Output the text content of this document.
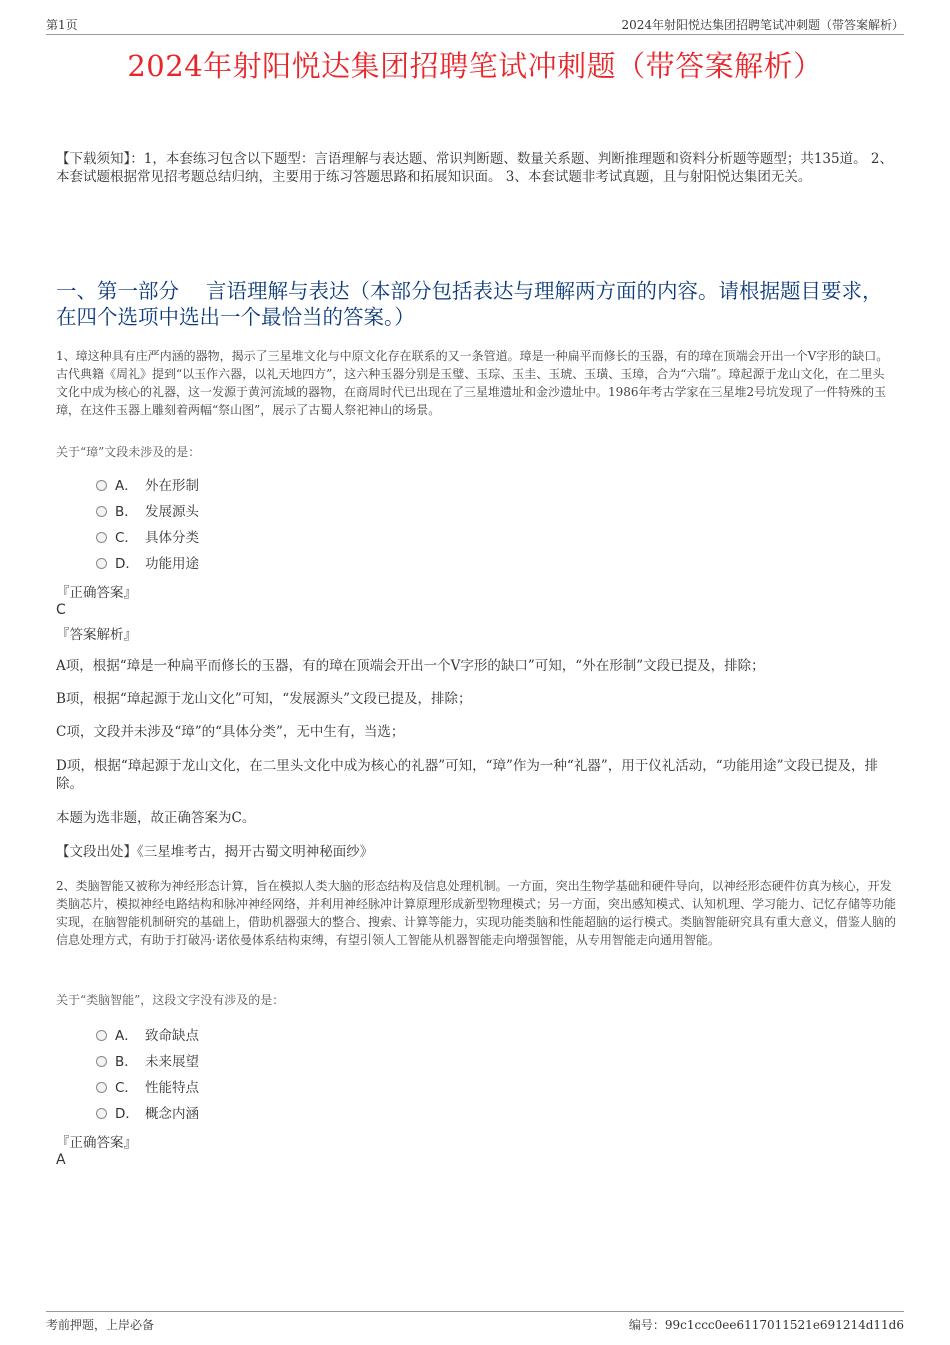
第1页	2024年射阳悦达集团招聘笔试冲刺题（带答案解析）
2024年射阳悦达集团招聘笔试冲刺题（带答案解析）
【下载须知】：1，本套练习包含以下题型：言语理解与表达题、常识判断题、数量关系题、判断推理题和资料分析题等题型；共135道。 2、本套试题根据常见招考题总结归纳，主要用于练习答题思路和拓展知识面。 3、本套试题非考试真题，且与射阳悦达集团无关。
一、第一部分　 言语理解与表达（本部分包括表达与理解两方面的内容。请根据题目要求，在四个选项中选出一个最恰当的答案。）
1、璋这种具有庄严内涵的器物，揭示了三星堆文化与中原文化存在联系的又一条管道。璋是一种扁平而修长的玉器，有的璋在顶端会开出一个V字形的缺口。古代典籍《周礼》提到“以玉作六器，以礼天地四方”，这六种玉器分别是玉璧、玉琮、玉圭、玉琥、玉璜、玉璋，合为“六瑞”。璋起源于龙山文化，在二里头文化中成为核心的礼器，这一发源于黄河流域的器物，在商周时代已出现在了三星堆遗址和金沙遗址中。1986年考古学家在三星堆2号坑发现了一件特殊的玉璋，在这件玉器上雕刻着两幅“祭山图”，展示了古蜀人祭祀神山的场景。
关于“璋”文段未涉及的是：
A． 外在形制
B． 发展源头
C． 具体分类
D． 功能用途
『正确答案』
C
『答案解析』
A项，根据“璋是一种扁平而修长的玉器，有的璋在顶端会开出一个V字形的缺口”可知，“外在形制”文段已提及，排除；
B项，根据“璋起源于龙山文化”可知，“发展源头”文段已提及，排除；
C项，文段并未涉及“璋”的“具体分类”，无中生有，当选；
D项，根据“璋起源于龙山文化，在二里头文化中成为核心的礼器”可知，“璋”作为一种“礼器”，用于仪礼活动，“功能用途”文段已提及，排除。
本题为选非题，故正确答案为C。
【文段出处】《三星堆考古，揭开古蜀文明神秘面纱》
2、类脑智能又被称为神经形态计算，旨在模拟人类大脑的形态结构及信息处理机制。一方面，突出生物学基础和硬件导向，以神经形态硬件仿真为核心，开发类脑芯片，模拟神经电路结构和脉冲神经网络，并利用神经脉冲计算原理形成新型物理模式；另一方面，突出感知模式、认知机理、学习能力、记忆存储等功能实现，在脑智能机制研究的基础上，借助机器强大的整合、搜索、计算等能力，实现功能类脑和性能超脑的运行模式。类脑智能研究具有重大意义，借鉴人脑的信息处理方式，有助于打破冯·诺依曼体系结构束缚，有望引领人工智能从机器智能走向增强智能，从专用智能走向通用智能。
关于“类脑智能”，这段文字没有涉及的是：
A． 致命缺点
B． 未来展望
C． 性能特点
D． 概念内涵
『正确答案』
A
考前押题，上岸必备	编号：99c1ccc0ee6117011521e691214d11d6
